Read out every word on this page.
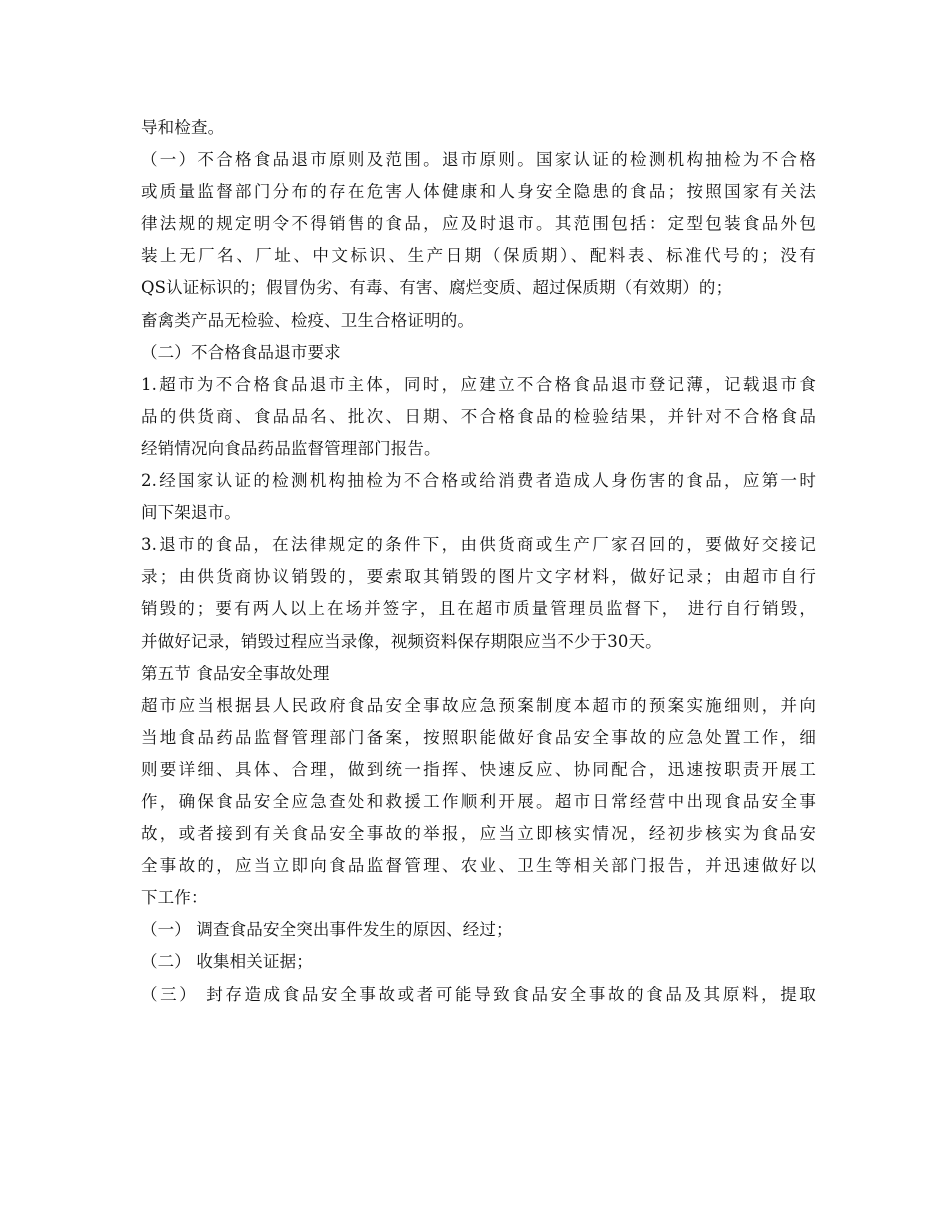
导和检查。
（一）不合格食品退市原则及范围。退市原则。国家认证的检测机构抽检为不合格
或质量监督部门分布的存在危害人体健康和人身安全隐患的食品；按照国家有关法
律法规的规定明令不得销售的食品，应及时退市。其范围包括：定型包装食品外包
装上无厂名、厂址、中文标识、生产日期（保质期）、配料表、标准代号的；没有
QS认证标识的；假冒伪劣、有毒、有害、腐烂变质、超过保质期（有效期）的；
畜禽类产品无检验、检疫、卫生合格证明的。
（二）不合格食品退市要求
1.超市为不合格食品退市主体，同时，应建立不合格食品退市登记薄，记载退市食
品的供货商、食品品名、批次、日期、不合格食品的检验结果，并针对不合格食品
经销情况向食品药品监督管理部门报告。
2.经国家认证的检测机构抽检为不合格或给消费者造成人身伤害的食品，应第一时
间下架退市。
3.退市的食品，在法律规定的条件下，由供货商或生产厂家召回的，要做好交接记
录；由供货商协议销毁的，要索取其销毁的图片文字材料，做好记录；由超市自行
销毁的；要有两人以上在场并签字，且在超市质量管理员监督下， 进行自行销毁，
并做好记录，销毁过程应当录像，视频资料保存期限应当不少于30天。
第五节 食品安全事故处理
超市应当根据县人民政府食品安全事故应急预案制度本超市的预案实施细则，并向
当地食品药品监督管理部门备案，按照职能做好食品安全事故的应急处置工作，细
则要详细、具体、合理，做到统一指挥、快速反应、协同配合，迅速按职责开展工
作，确保食品安全应急查处和救援工作顺利开展。超市日常经营中出现食品安全事
故，或者接到有关食品安全事故的举报，应当立即核实情况，经初步核实为食品安
全事故的，应当立即向食品监督管理、农业、卫生等相关部门报告，并迅速做好以
下工作：
（一） 调查食品安全突出事件发生的原因、经过；
（二） 收集相关证据；
（三） 封存造成食品安全事故或者可能导致食品安全事故的食品及其原料，提取
